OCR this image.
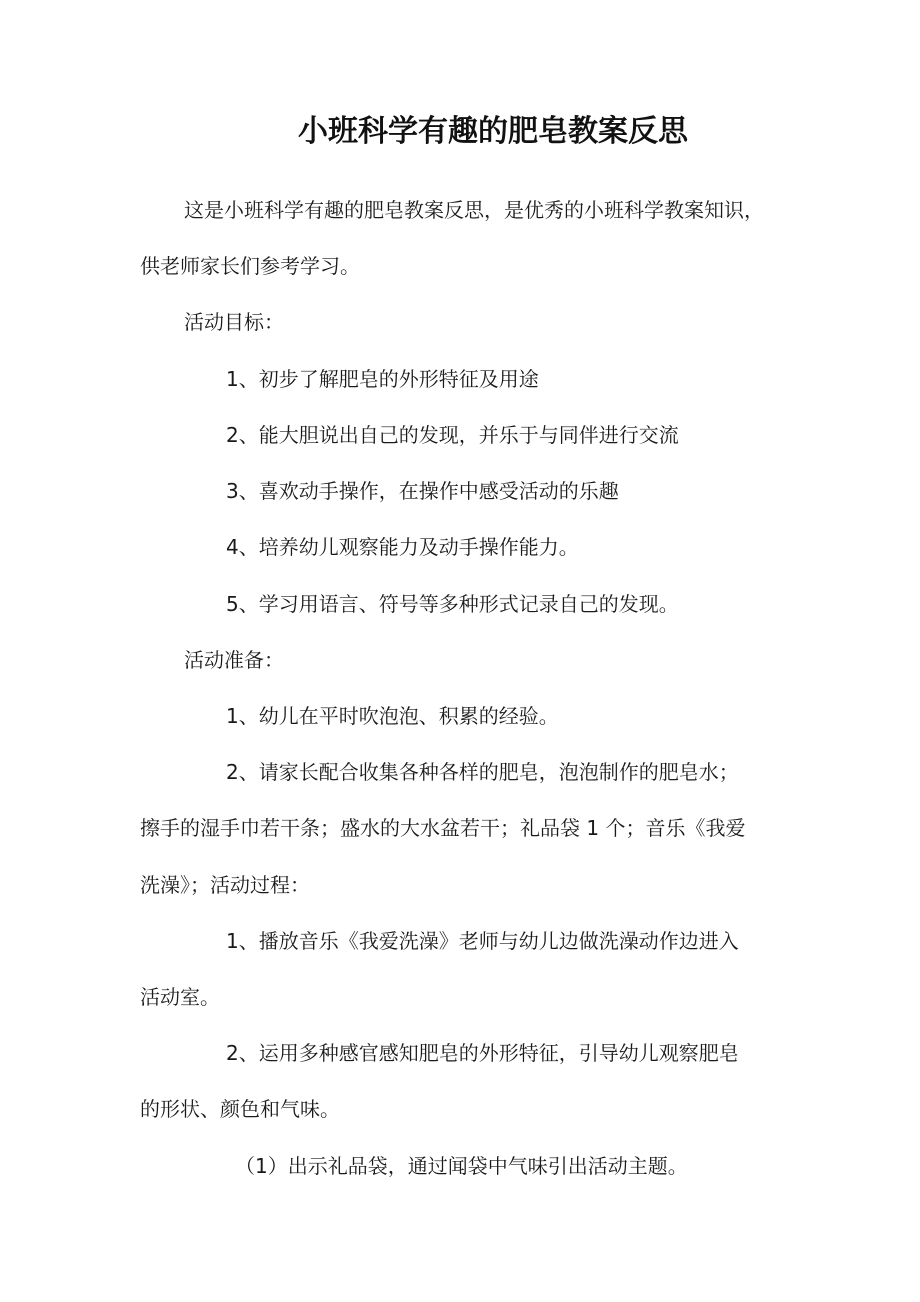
小班科学有趣的肥皂教案反思
这是小班科学有趣的肥皂教案反思，是优秀的小班科学教案知识，
供老师家长们参考学习。
活动目标：
1、初步了解肥皂的外形特征及用途
2、能大胆说出自己的发现，并乐于与同伴进行交流
3、喜欢动手操作，在操作中感受活动的乐趣
4、培养幼儿观察能力及动手操作能力。
5、学习用语言、符号等多种形式记录自己的发现。
活动准备：
1、幼儿在平时吹泡泡、积累的经验。
2、请家长配合收集各种各样的肥皂，泡泡制作的肥皂水；
擦手的湿手巾若干条；盛水的大水盆若干；礼品袋 1 个；音乐《我爱
洗澡》；活动过程：
1、播放音乐《我爱洗澡》老师与幼儿边做洗澡动作边进入
活动室。
2、运用多种感官感知肥皂的外形特征，引导幼儿观察肥皂
的形状、颜色和气味。
（1）出示礼品袋，通过闻袋中气味引出活动主题。
